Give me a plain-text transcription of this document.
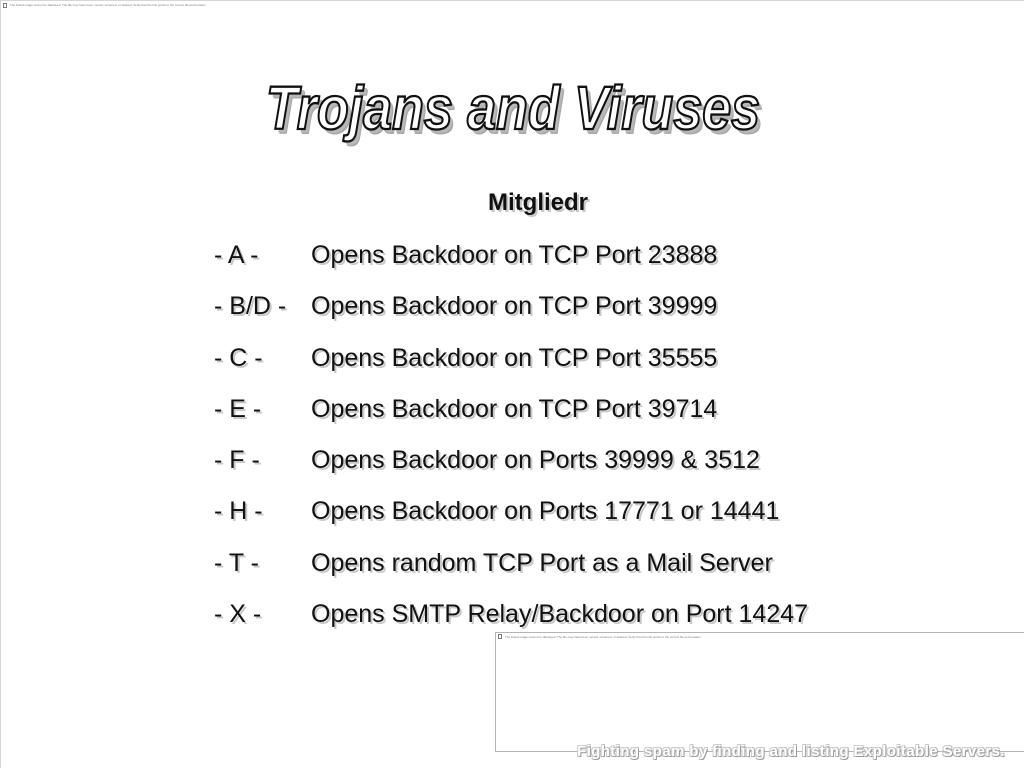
The linked image cannot be displayed. The file may have been moved, renamed, or deleted. Verify that the link points to the correct file and location.
Trojans and Viruses
Mitgliedr
- A -	Opens Backdoor on TCP Port 23888
- B/D - Opens Backdoor on TCP Port 39999
- C -	Opens Backdoor on TCP Port 35555
- E -	Opens Backdoor on TCP Port 39714
- F -	Opens Backdoor on Ports 39999 & 3512
- H -	Opens Backdoor on Ports 17771 or 14441
- T -	Opens random TCP Port as a Mail Server
- X -	Opens SMTP Relay/Backdoor on Port 14247
The linked image cannot be displayed. The file may have been moved, renamed, or deleted. Verify that the link points to the correct file and location.
Fighting spam by finding and listing Exploitable Servers.
